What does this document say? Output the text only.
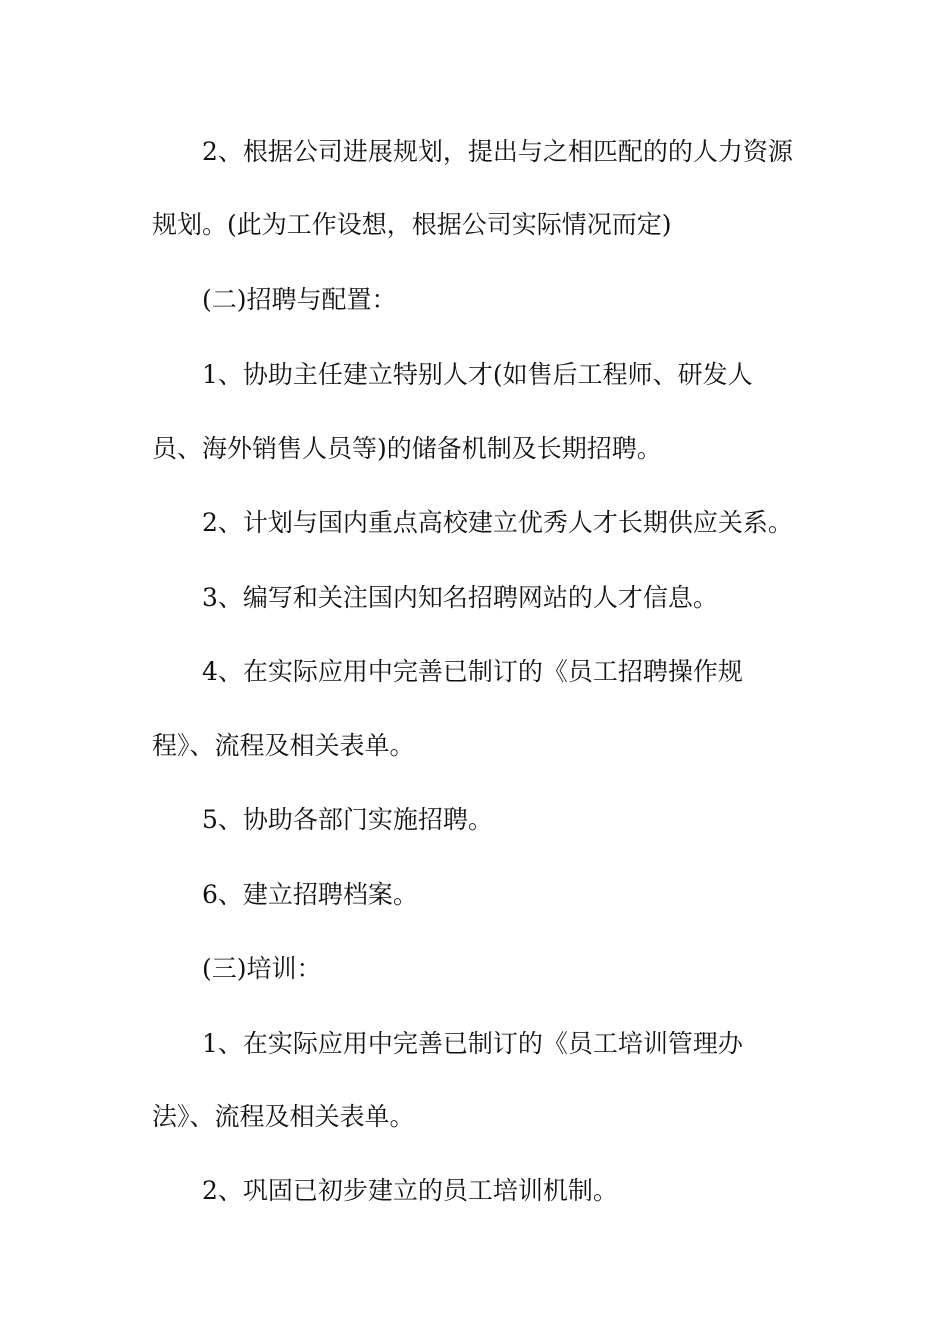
2、根据公司进展规划，提出与之相匹配的的人力资源
规划。(此为工作设想，根据公司实际情况而定)
(二)招聘与配置：
1、协助主任建立特别人才(如售后工程师、研发人
员、海外销售人员等)的储备机制及长期招聘。
2、计划与国内重点高校建立优秀人才长期供应关系。
3、编写和关注国内知名招聘网站的人才信息。
4、在实际应用中完善已制订的《员工招聘操作规
程》、流程及相关表单。
5、协助各部门实施招聘。
6、建立招聘档案。
(三)培训：
1、在实际应用中完善已制订的《员工培训管理办
法》、流程及相关表单。
2、巩固已初步建立的员工培训机制。
